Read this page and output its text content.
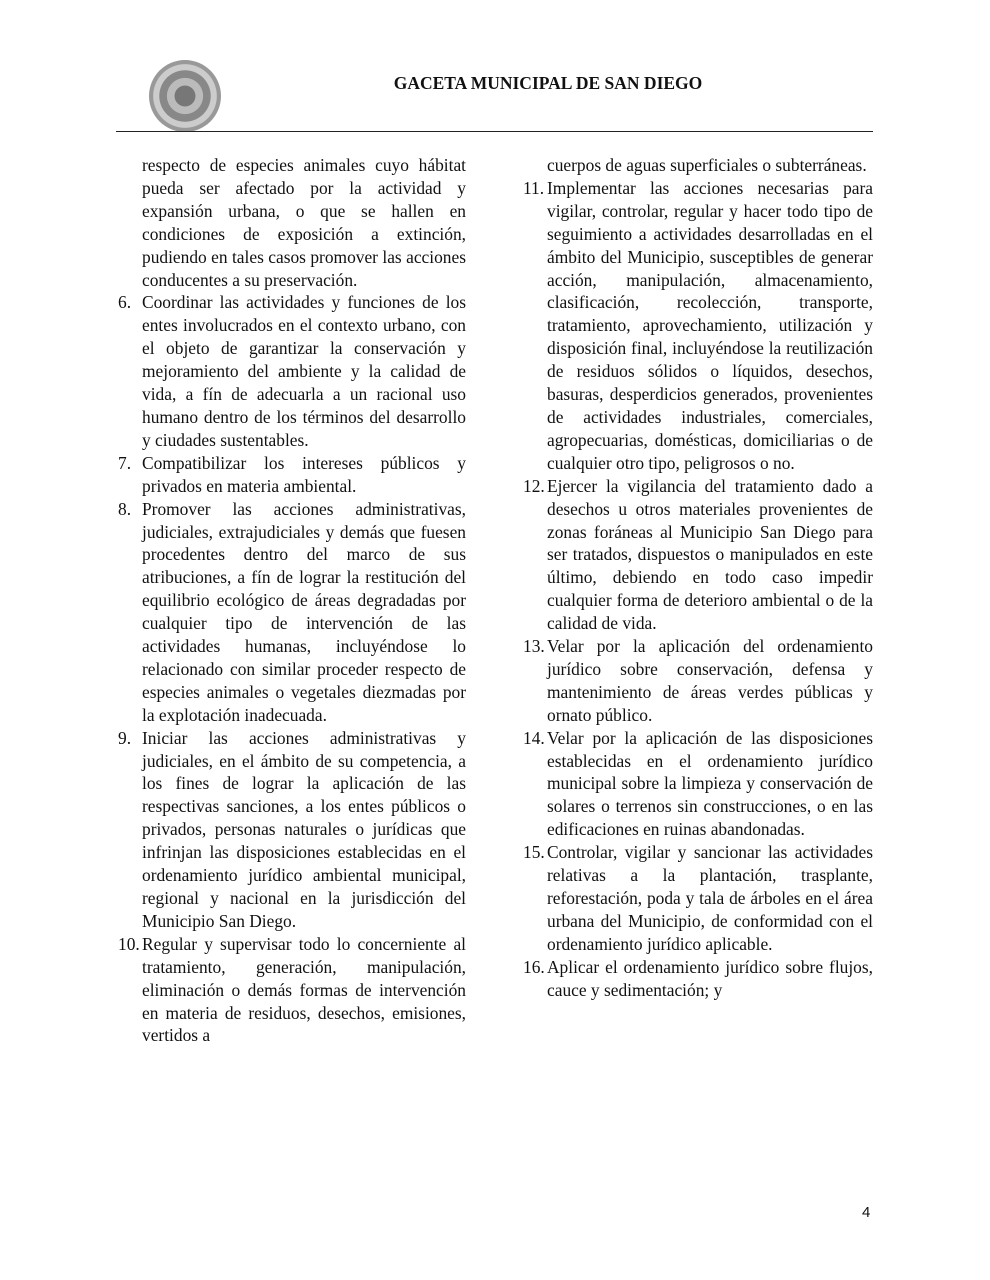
GACETA MUNICIPAL DE SAN DIEGO
respecto de especies animales cuyo hábitat pueda ser afectado por la actividad y expansión urbana, o que se hallen en condiciones de exposición a extinción, pudiendo en tales casos promover las acciones conducentes a su preservación.
6. Coordinar las actividades y funciones de los entes involucrados en el contexto urbano, con el objeto de garantizar la conservación y mejoramiento del ambiente y la calidad de vida, a fín de adecuarla a un racional uso humano dentro de los términos del desarrollo y ciudades sustentables.
7. Compatibilizar los intereses públicos y privados en materia ambiental.
8. Promover las acciones administrativas, judiciales, extrajudiciales y demás que fuesen procedentes dentro del marco de sus atribuciones, a fín de lograr la restitución del equilibrio ecológico de áreas degradadas por cualquier tipo de intervención de las actividades humanas, incluyéndose lo relacionado con similar proceder respecto de especies animales o vegetales diezmadas por la explotación inadecuada.
9. Iniciar las acciones administrativas y judiciales, en el ámbito de su competencia, a los fines de lograr la aplicación de las respectivas sanciones, a los entes públicos o privados, personas naturales o jurídicas que infrinjan las disposiciones establecidas en el ordenamiento jurídico ambiental municipal, regional y nacional en la jurisdicción del Municipio San Diego.
10. Regular y supervisar todo lo concerniente al tratamiento, generación, manipulación, eliminación o demás formas de intervención en materia de residuos, desechos, emisiones, vertidos a
cuerpos de aguas superficiales o subterráneas.
11. Implementar las acciones necesarias para vigilar, controlar, regular y hacer todo tipo de seguimiento a actividades desarrolladas en el ámbito del Municipio, susceptibles de generar acción, manipulación, almacenamiento, clasificación, recolección, transporte, tratamiento, aprovechamiento, utilización y disposición final, incluyéndose la reutilización de residuos sólidos o líquidos, desechos, basuras, desperdicios generados, provenientes de actividades industriales, comerciales, agropecuarias, domésticas, domiciliarias o de cualquier otro tipo, peligrosos o no.
12. Ejercer la vigilancia del tratamiento dado a desechos u otros materiales provenientes de zonas foráneas al Municipio San Diego para ser tratados, dispuestos o manipulados en este último, debiendo en todo caso impedir cualquier forma de deterioro ambiental o de la calidad de vida.
13. Velar por la aplicación del ordenamiento jurídico sobre conservación, defensa y mantenimiento de áreas verdes públicas y ornato público.
14. Velar por la aplicación de las disposiciones establecidas en el ordenamiento jurídico municipal sobre la limpieza y conservación de solares o terrenos sin construcciones, o en las edificaciones en ruinas abandonadas.
15. Controlar, vigilar y sancionar las actividades relativas a la plantación, trasplante, reforestación, poda y tala de árboles en el área urbana del Municipio, de conformidad con el ordenamiento jurídico aplicable.
16. Aplicar el ordenamiento jurídico sobre flujos, cauce y sedimentación; y
4
